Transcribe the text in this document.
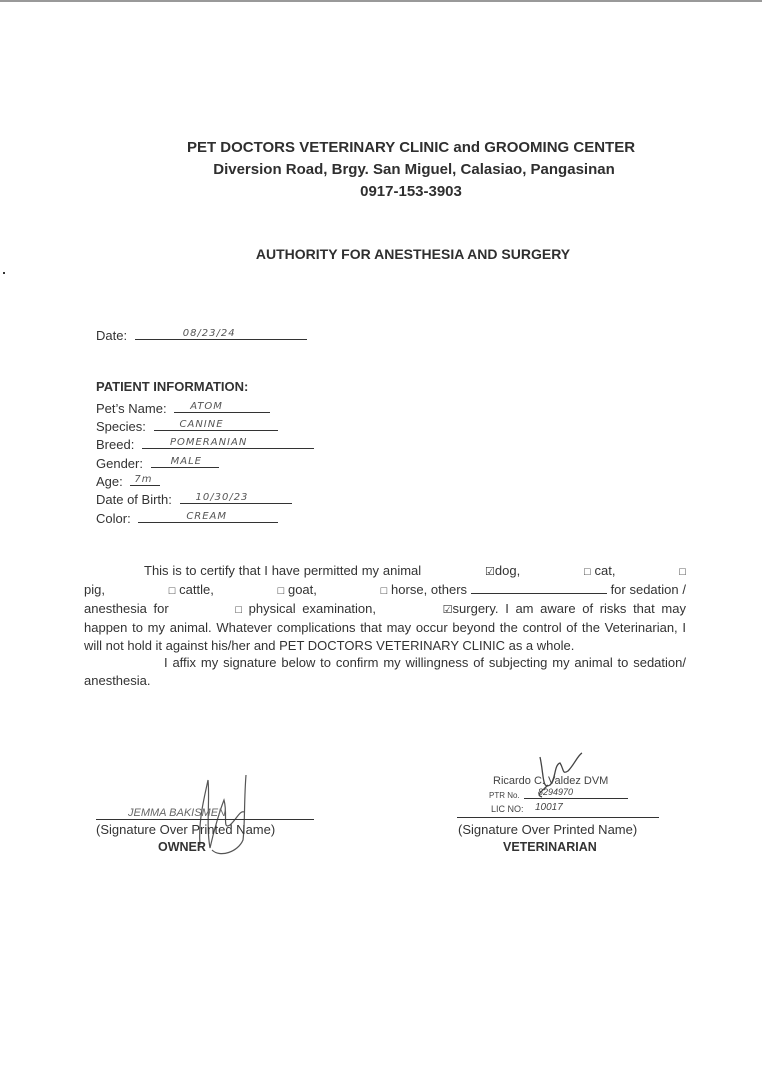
PET DOCTORS VETERINARY CLINIC and GROOMING CENTER
Diversion Road, Brgy. San Miguel, Calasiao, Pangasinan
0917-153-3903
AUTHORITY FOR ANESTHESIA AND SURGERY
Date:	08/23/24
PATIENT INFORMATION:
Pet’s Name: ATOM
Species:	CANINE
Breed:	POMERANIAN
Gender:	MALE
Age: 7m
Date of Birth: 10/30/23
Color:	CREAM
This is to certify that I have permitted my animal	☑dog,	□ cat,	□ pig,	□ cattle,	□ goat,	□ horse, others	for sedation / anesthesia for	□ physical examination,	☑surgery. I am aware of risks that may happen to my animal. Whatever complications that may occur beyond the control of the Veterinarian, I will not hold it against his/her and PET DOCTORS VETERINARY CLINIC as a whole.
I affix my signature below to confirm my willingness of subjecting my animal to sedation/ anesthesia.
JEMMA BAKISMEN
(Signature Over Printed Name)
OWNER
Ricardo C. Valdez DVM
PTR No. 8294970
LIC NO: 10017
(Signature Over Printed Name)
VETERINARIAN
